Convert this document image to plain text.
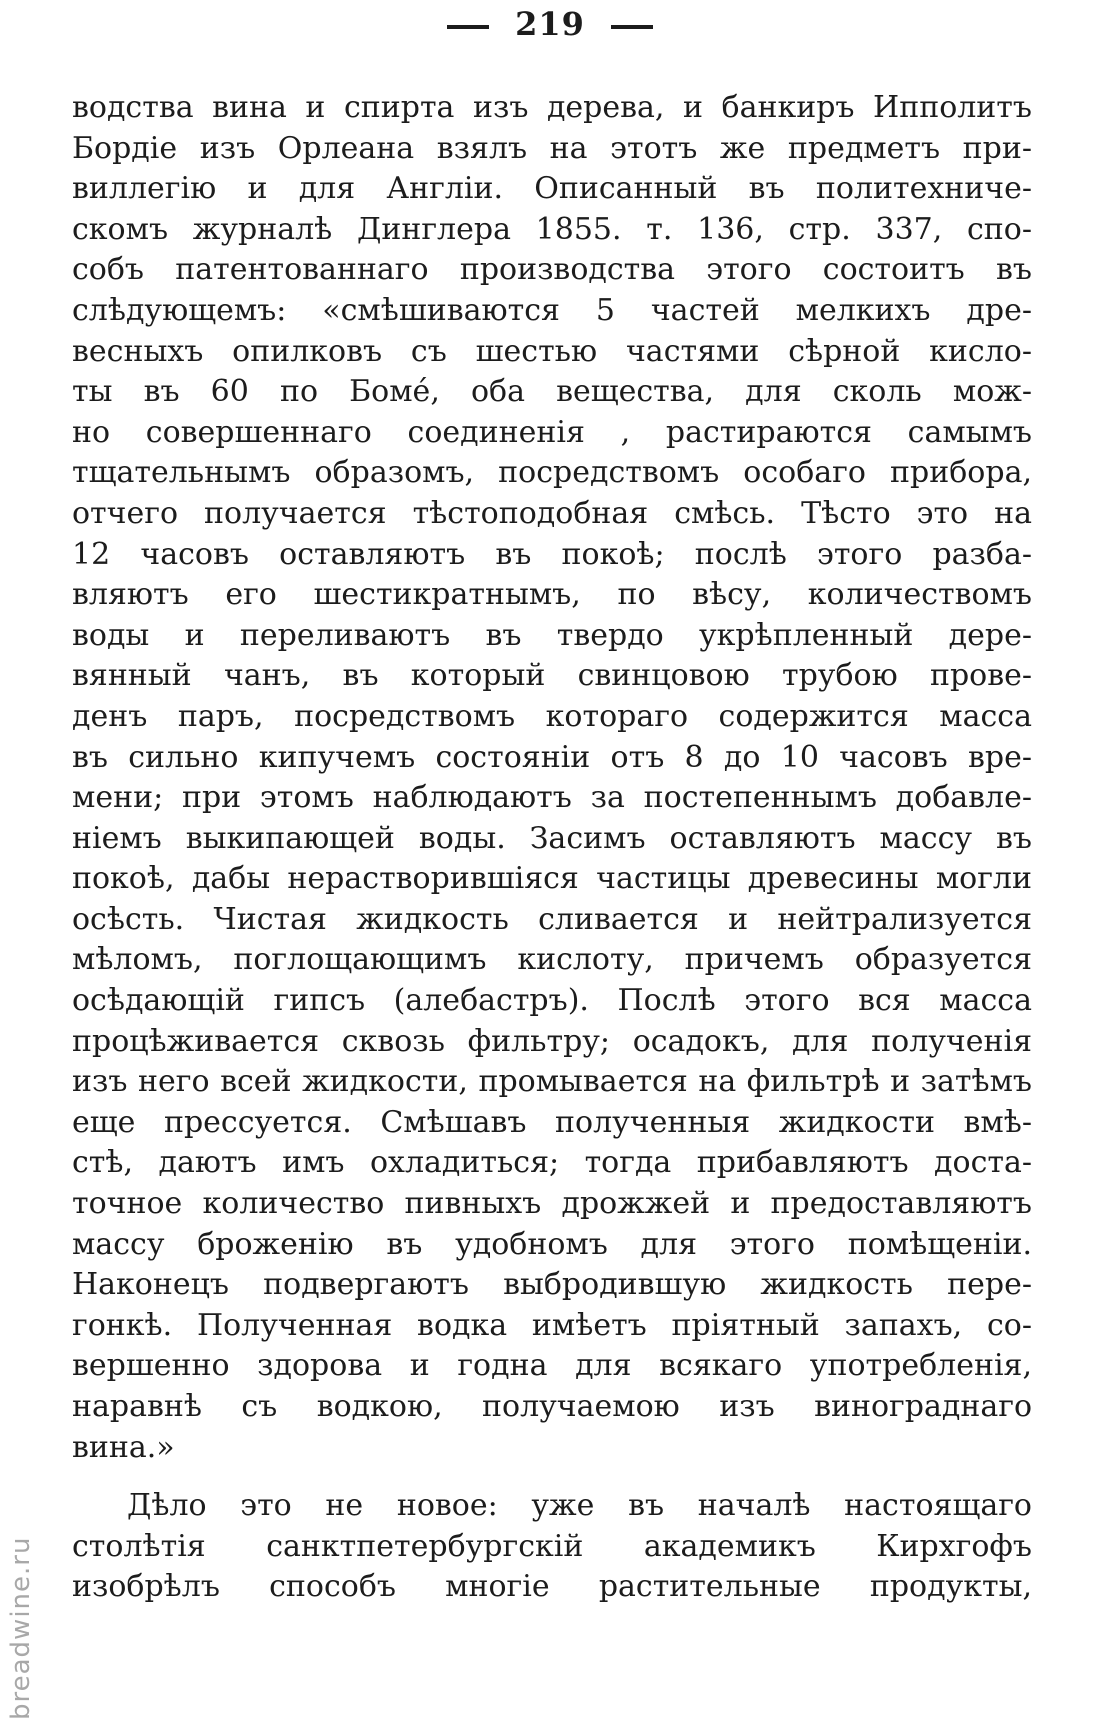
219
водства вина и спирта изъ дерева, и банкиръ Ипполитъ
Бордіе изъ Орлеана взялъ на этотъ же предметъ при-
виллегію и для Англіи. Описанный въ политехниче-
скомъ журналѣ Динглера 1855. т. 136, стр. 337, спо-
собъ патентованнаго производства этого состоитъ въ
слѣдующемъ: «смѣшиваются 5 частей мелкихъ дре-
весныхъ опилковъ съ шестью частями сѣрной кисло-
ты въ 60 по Бомé, оба вещества, для сколь мож-
но совершеннаго соединенія , растираются самымъ
тщательнымъ образомъ, посредствомъ особаго прибора,
отчего получается тѣстоподобная смѣсь. Тѣсто это на
12 часовъ оставляютъ въ покоѣ; послѣ этого разба-
вляютъ его шестикратнымъ, по вѣсу, количествомъ
воды и переливаютъ въ твердо укрѣпленный дере-
вянный чанъ, въ который свинцовою трубою прове-
денъ паръ, посредствомъ котораго содержится масса
въ сильно кипучемъ состояніи отъ 8 до 10 часовъ вре-
мени; при этомъ наблюдаютъ за постепеннымъ добавле-
ніемъ выкипающей воды. Засимъ оставляютъ массу въ
покоѣ, дабы нерастворившіяся частицы древесины могли
осѣсть. Чистая жидкость сливается и нейтрализуется
мѣломъ, поглощающимъ кислоту, причемъ образуется
осѣдающій гипсъ (алебастръ). Послѣ этого вся масса
процѣживается сквозь фильтру; осадокъ, для полученія
изъ него всей жидкости, промывается на фильтрѣ и затѣмъ
еще прессуется. Смѣшавъ полученныя жидкости вмѣ-
стѣ, даютъ имъ охладиться; тогда прибавляютъ доста-
точное количество пивныхъ дрожжей и предоставляютъ
массу броженію въ удобномъ для этого помѣщеніи.
Наконецъ подвергаютъ выбродившую жидкость пере-
гонкѣ. Полученная водка имѣетъ пріятный запахъ, со-
вершенно здорова и годна для всякаго употребленія,
наравнѣ съ водкою, получаемою изъ винограднаго
вина.»
Дѣло это не новое: уже въ началѣ настоящаго
столѣтія санктпетербургскій академикъ Кирхгофъ
изобрѣлъ способъ многіе растительные продукты,
breadwine.ru
